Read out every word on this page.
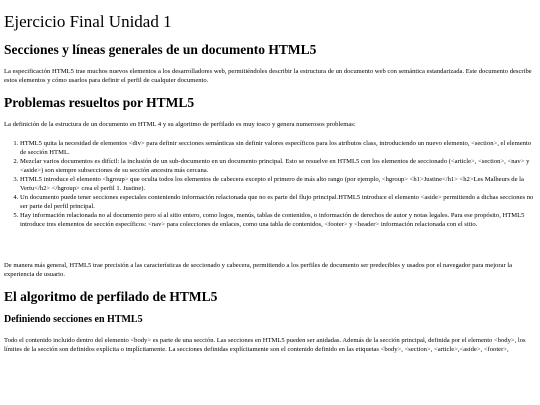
Ejercicio Final Unidad 1
Secciones y líneas generales de un documento HTML5

La especificación HTML5 trae muchos nuevos elementos a los desarrolladores web, permitiéndoles describir la estructura de un documento web con semántica estandarizada. Este documento describe estos elementos y cómo usarlos para definir el perfil de cualquier documento.

Problemas resueltos por HTML5

La definición de la estructura de un documento en HTML 4 y su algoritmo de perfilado es muy tosco y genera numerosos problemas:

1. HTML5 quita la necesidad de elementos <div> para definir secciones semánticas sin definir valores específicos para los atributos class, introduciendo un nuevo elemento, <section>, el elemento de sección HTML.
2. Mezclar varios documentos es difícil: la inclusión de un sub-documento en un documento principal. Esto se resuelve en HTML5 con los elementos de seccionado (<article>, <section>, <nav> y <aside>) son siempre subsecciones de su sección ancestra más cercana.
3. HTML5 introduce el elemento <hgroup> que oculta todos los elementos de cabecera excepto el primero de más alto rango (por ejemplo, <hgroup> <h1>Justine</h1> <h2>Les Malheurs de la Vertu</h2> </hgroup> crea el perfil 1. Justine).
4. Un documento puede tener secciones especiales conteniendo información relacionada que no es parte del flujo principal.HTML5 introduce el elemento <aside> permitiendo a dichas secciones no ser parte del perfil principal.
5. Hay información relacionada no al documento pero sí al sitio entero, como logos, menús, tablas de contenidos, o información de derechos de autor y notas legales. Para ese propósito, HTML5 introduce tres elementos de sección específicos: <nav> para colecciones de enlaces, como una tabla de contenidos, <footer> y <header> información relacionada con el sitio.

De manera más general, HTML5 trae precisión a las características de seccionado y cabecera, permitiendo a los perfiles de documento ser predecibles y usados por el navegador para mejorar la experiencia de usuario.

El algoritmo de perfilado de HTML5
Definiendo secciones en HTML5

Todo el contenido incluido dentro del elemento <body> es parte de una sección. Las secciones en HTML5 pueden ser anidadas. Además de la sección principal, definida por el elemento <body>, los límites de la sección son definidos explícita o implícitamente. La secciones definidas explícitamente son el contenido definido en las etiquetas <body>, <section>, <article>,<aside>, <footer>,
